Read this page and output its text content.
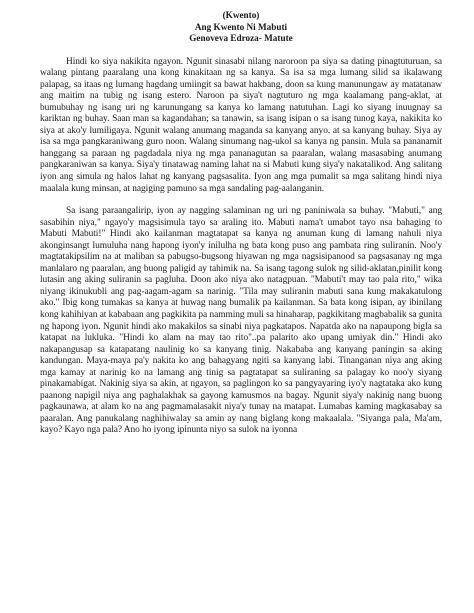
(Kwento)

Ang Kwento Ni Mabuti

Genoveva Edroza- Matute

Hindi ko siya nakikita ngayon. Ngunit sinasabi nilang naroroon pa siya sa dating pinagtuturuan, sa walang pintang paaralang una kong kinakitaan ng sa kanya. Sa isa sa mga lumang silid sa ikalawang palapag, sa itaas ng lumang hagdang umiingit sa bawat hakbang, doon sa kung manunungaw ay matatanaw ang maitim na tubig ng isang estero. Naroon pa siya't nagtuturo ng mga kaalamang pang-aklat, at bumubuhay ng isang uri ng karunungang sa kanya ko lamang natutuhan. Lagi ko siyang inuugnay sa kariktan ng buhay. Saan man sa kagandahan; sa tanawin, sa isang isipan o sa isang tunog kaya, nakikita ko siya at ako'y lumiligaya. Ngunit walang anumang maganda sa kanyang anyo. at sa kanyang buhay. Siya ay isa sa mga pangkaraniwang guro noon. Walang sinumang nag-ukol sa kanya ng pansin. Mula sa pananamit hanggang sa paraan ng pagdadala niya ng mga pananagutan sa paaralan, walang masasabing anumang pangkaraniwan sa kanya. Siya'y tinatawag naming lahat na si Mabuti kung siya'y nakatalikod. Ang salitang iyon ang simula ng halos lahat ng kanyang pagsasalita. Iyon ang mga pumalit sa mga salitang hindi niya maalala kung minsan, at nagiging pamuno sa mga sandaling pag-aalanganin.

Sa isang paraangalirip, iyon ay nagging salaminan ng uri ng paniniwala sa buhay. "Mabuti," ang sasabihin niya," ngayo'y magsisimula tayo sa araling ito. Mabuti nama't umabot tayo nsa bahaging to Mabuti Mabuti!" Hindi ako kailanman magtatapat sa kanya ng anuman kung di lamang nahuli niya akonginsangt lumuluha nang hapong iyon'y inilulha ng bata kong puso ang pambata ring suliranin. Noo'y magtatakipsilim na at maliban sa pabugso-bugsong hiyawan ng mga nagsisipanood sa pagsasanay ng mga manlalaro ng paaralan, ang buong paligid ay tahimik na. Sa isang tagong sulok ng silid-aklatan,pinilit kong lutasin ang aking suliranin sa pagluha. Doon ako niya ako natagpuan. "Mabuti't may tao pala rito," wika niyang ikinukubli ang pag-aagam-agam sa narinig. "Tila may suliranin mabuti sana kung makakatulong ako." Ibig kong tumakas sa kanya at huwag nang bumalik pa kailanman. Sa bata kong isipan, ay ibinilang kong kahihiyan at kababaan ang pagkikita pa namming muli sa hinaharap, pagkikitang magbabalik sa gunita ng hapong iyon. Ngunit hindi ako makakilos sa sinabi niya pagkatapos. Napatda ako na napaupong bigla sa katapat na lukluka. "Hindi ko alam na may tao rito"..pa palarito ako upang umiyak din." Hindi ako nakapangusap sa katapatang naulinig ko sa kanyang tinig. Nakababa ang kanyang paningin sa aking kandungan. Maya-maya pa'y nakita ko ang bahagyang ngiti sa kanyang labi. Tinanganan niya ang aking mga kamay at narinig ko na lamang ang tinig sa pagtatapat sa suliraning sa palagay ko noo'y siyang pinakamabigat. Nakinig siya sa akin, at ngayon, sa paglingon ko sa pangyayaring iyo'y nagtataka ako kung paanong napigil niya ang paghalakhak sa gayong kamusmos na bagay. Ngunit siya'y nakinig nang buong pagkaunawa, at alam ko na ang pagmamalasakit niya'y tunay na matapat. Lumabas kaming magkasabay sa paaralan. Ang panukalang naghihiwalay sa amin ay nang biglang kong makaalala. "Siyanga pala, Ma'am, kayo? Kayo nga pala? Ano ho iyong ipinunta niyo sa sulok na iyonna
